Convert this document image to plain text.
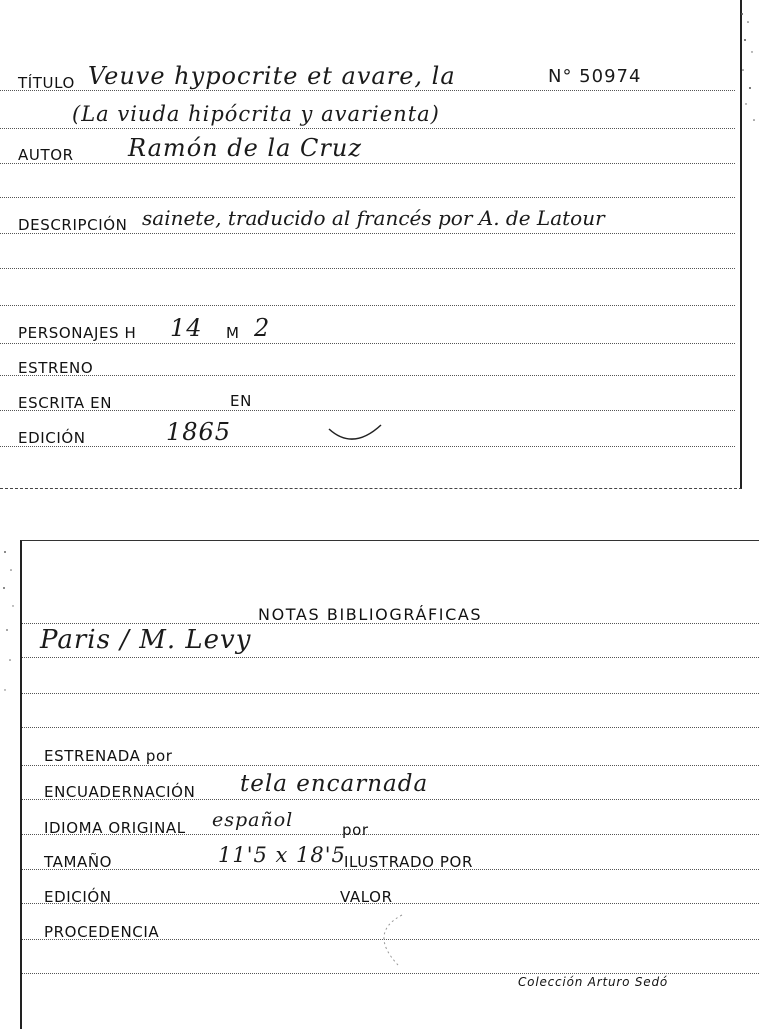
TÍTULO Veuve hypocrite et avare, la	N° 50974
(La viuda hipócrita y avarienta)
AUTOR Ramón de la Cruz
DESCRIPCIÓN sainete, traducido al francés por A. de Latour
PERSONAJES H 14 M 2
ESTRENO
ESCRITA EN	EN
EDICIÓN	1865
NOTAS BIBLIOGRÁFICAS
Paris / M. Levy
ESTRENADA por
ENCUADERNACIÓN tela encarnada
IDIOMA ORIGINAL español	por
TAMAÑO	11'5 x 18'5
ILUSTRADO POR
EDICIÓN	VALOR
PROCEDENCIA
Colección Arturo Sedó
